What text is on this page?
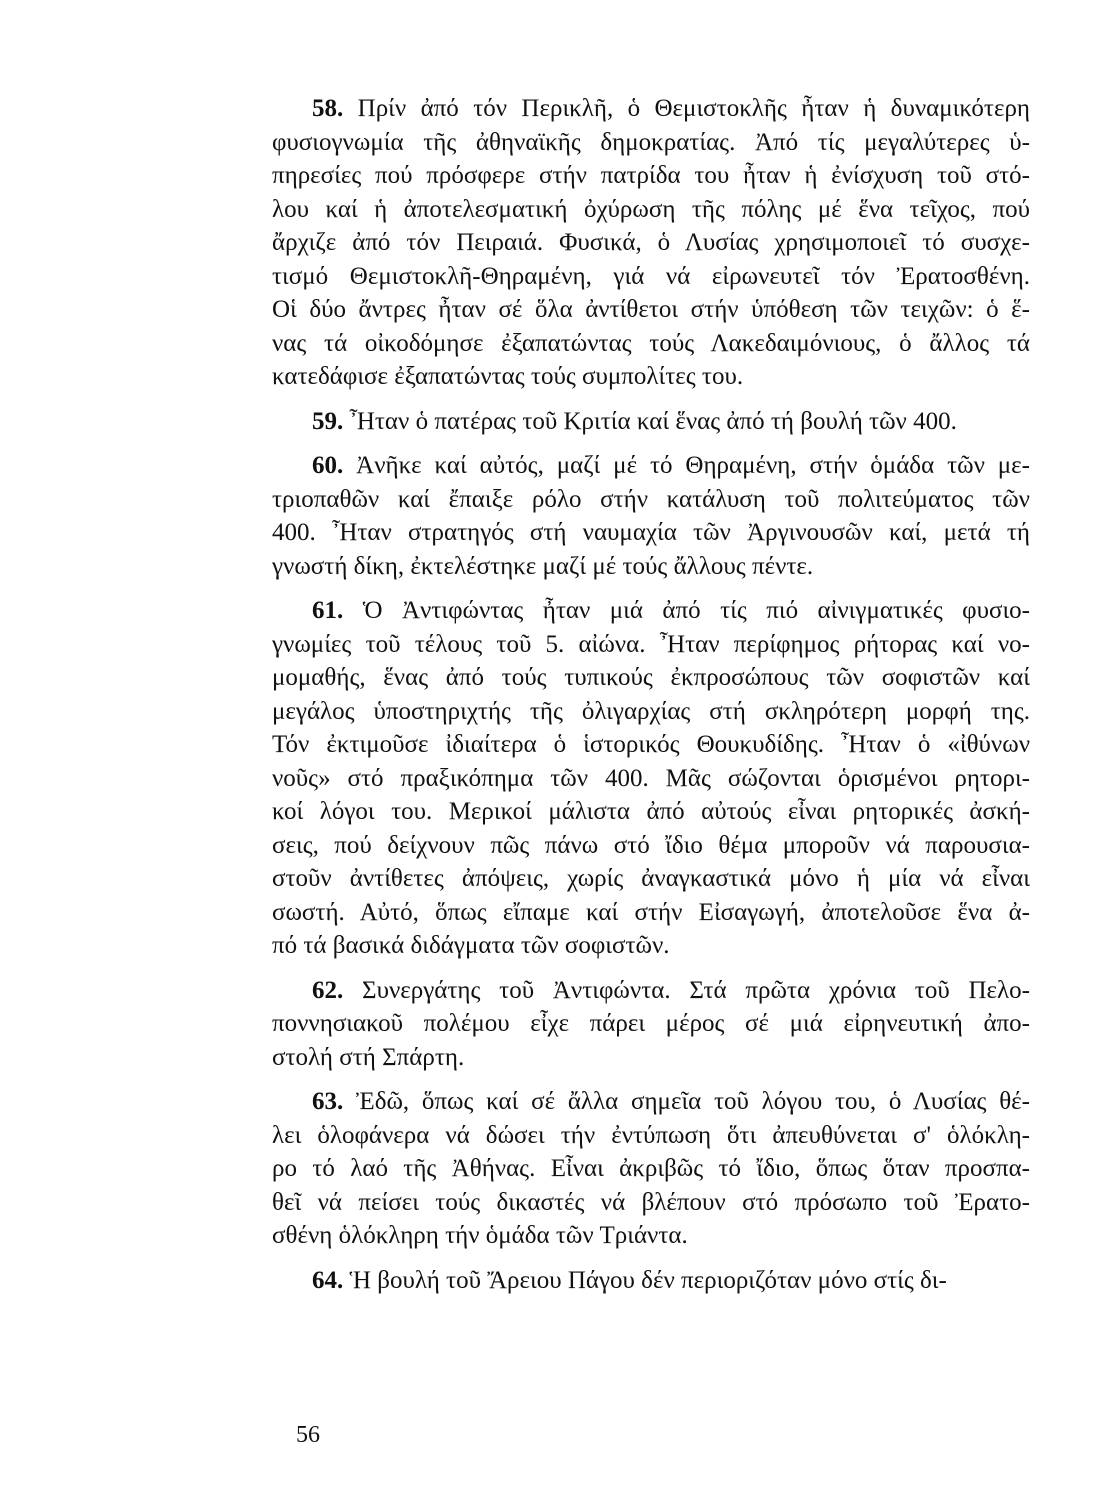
58. Πρίν ἀπό τόν Περικλῆ, ὁ Θεμιστοκλῆς ἦταν ἡ δυναμικότερη
φυσιογνωμία τῆς ἀθηναϊκῆς δημοκρατίας. Ἀπό τίς μεγαλύτερες ὑ-
πηρεσίες πού πρόσφερε στήν πατρίδα του ἦταν ἡ ἐνίσχυση τοῦ στό-
λου καί ἡ ἀποτελεσματική ὀχύρωση τῆς πόλης μέ ἕνα τεῖχος, πού
ἄρχιζε ἀπό τόν Πειραιά. Φυσικά, ὁ Λυσίας χρησιμοποιεῖ τό συσχε-
τισμό Θεμιστοκλῆ-Θηραμένη, γιά νά εἰρωνευτεῖ τόν Ἐρατοσθένη.
Οἱ δύο ἄντρες ἦταν σέ ὅλα ἀντίθετοι στήν ὑπόθεση τῶν τειχῶν: ὁ ἕ-
νας τά οἰκοδόμησε ἐξαπατώντας τούς Λακεδαιμόνιους, ὁ ἄλλος τά
κατεδάφισε ἐξαπατώντας τούς συμπολίτες του.
59. Ἦταν ὁ πατέρας τοῦ Κριτία καί ἕνας ἀπό τή βουλή τῶν 400.
60. Ἀνῆκε καί αὐτός, μαζί μέ τό Θηραμένη, στήν ὁμάδα τῶν με-
τριοπαθῶν καί ἔπαιξε ρόλο στήν κατάλυση τοῦ πολιτεύματος τῶν
400. Ἦταν στρατηγός στή ναυμαχία τῶν Ἀργινουσῶν καί, μετά τή
γνωστή δίκη, ἐκτελέστηκε μαζί μέ τούς ἄλλους πέντε.
61. Ὁ Ἀντιφώντας ἦταν μιά ἀπό τίς πιό αἰνιγματικές φυσιο-
γνωμίες τοῦ τέλους τοῦ 5. αἰώνα. Ἦταν περίφημος ρήτορας καί νο-
μομαθής, ἕνας ἀπό τούς τυπικούς ἐκπροσώπους τῶν σοφιστῶν καί
μεγάλος ὑποστηριχτής τῆς ὀλιγαρχίας στή σκληρότερη μορφή της.
Τόν ἐκτιμοῦσε ἰδιαίτερα ὁ ἱστορικός Θουκυδίδης. Ἦταν ὁ «ἰθύνων
νοῦς» στό πραξικόπημα τῶν 400. Μᾶς σώζονται ὁρισμένοι ρητορι-
κοί λόγοι του. Μερικοί μάλιστα ἀπό αὐτούς εἶναι ρητορικές ἀσκή-
σεις, πού δείχνουν πῶς πάνω στό ἴδιο θέμα μποροῦν νά παρουσια-
στοῦν ἀντίθετες ἀπόψεις, χωρίς ἀναγκαστικά μόνο ἡ μία νά εἶναι
σωστή. Αὐτό, ὅπως εἴπαμε καί στήν Εἰσαγωγή, ἀποτελοῦσε ἕνα ἀ-
πό τά βασικά διδάγματα τῶν σοφιστῶν.
62. Συνεργάτης τοῦ Ἀντιφώντα. Στά πρῶτα χρόνια τοῦ Πελο-
ποννησιακοῦ πολέμου εἶχε πάρει μέρος σέ μιά εἰρηνευτική ἀπο-
στολή στή Σπάρτη.
63. Ἐδῶ, ὅπως καί σέ ἄλλα σημεῖα τοῦ λόγου του, ὁ Λυσίας θέ-
λει ὁλοφάνερα νά δώσει τήν ἐντύπωση ὅτι ἀπευθύνεται σ' ὁλόκλη-
ρο τό λαό τῆς Ἀθήνας. Εἶναι ἀκριβῶς τό ἴδιο, ὅπως ὅταν προσπα-
θεῖ νά πείσει τούς δικαστές νά βλέπουν στό πρόσωπο τοῦ Ἐρατο-
σθένη ὁλόκληρη τήν ὁμάδα τῶν Τριάντα.
64. Ἡ βουλή τοῦ Ἄρειου Πάγου δέν περιοριζόταν μόνο στίς δι-
56
